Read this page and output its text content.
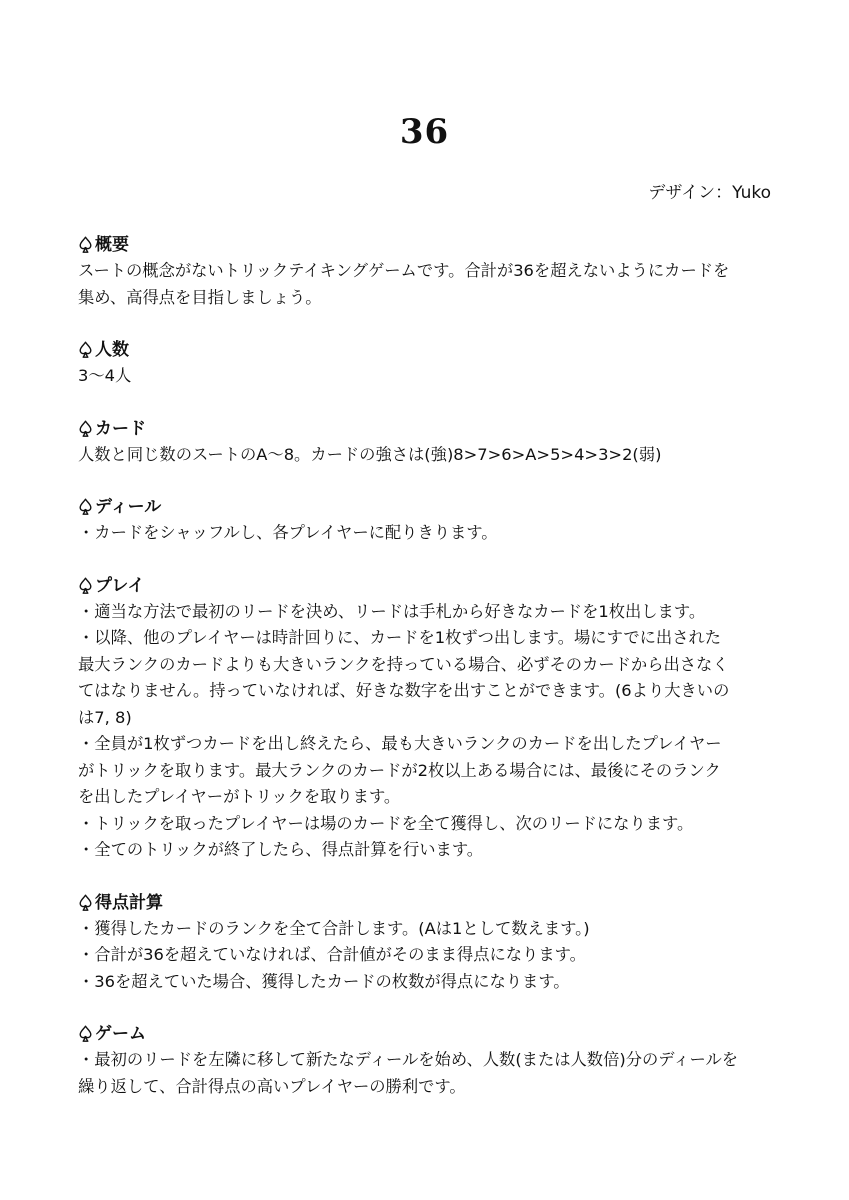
36
デザイン：Yuko
概要
スートの概念がないトリックテイキングゲームです。合計が36を超えないようにカードを
集め、高得点を目指しましょう。
人数
3〜4人
カード
人数と同じ数のスートのA〜8。カードの強さは(強)8>7>6>A>5>4>3>2(弱)
ディール
・カードをシャッフルし、各プレイヤーに配りきります。
プレイ
・適当な方法で最初のリードを決め、リードは手札から好きなカードを1枚出します。
・以降、他のプレイヤーは時計回りに、カードを1枚ずつ出します。場にすでに出された
最大ランクのカードよりも大きいランクを持っている場合、必ずそのカードから出さなく
てはなりません。持っていなければ、好きな数字を出すことができます。(6より大きいの
は7, 8)
・全員が1枚ずつカードを出し終えたら、最も大きいランクのカードを出したプレイヤー
がトリックを取ります。最大ランクのカードが2枚以上ある場合には、最後にそのランク
を出したプレイヤーがトリックを取ります。
・トリックを取ったプレイヤーは場のカードを全て獲得し、次のリードになります。
・全てのトリックが終了したら、得点計算を行います。
得点計算
・獲得したカードのランクを全て合計します。(Aは1として数えます。)
・合計が36を超えていなければ、合計値がそのまま得点になります。
・36を超えていた場合、獲得したカードの枚数が得点になります。
ゲーム
・最初のリードを左隣に移して新たなディールを始め、人数(または人数倍)分のディールを
繰り返して、合計得点の高いプレイヤーの勝利です。
